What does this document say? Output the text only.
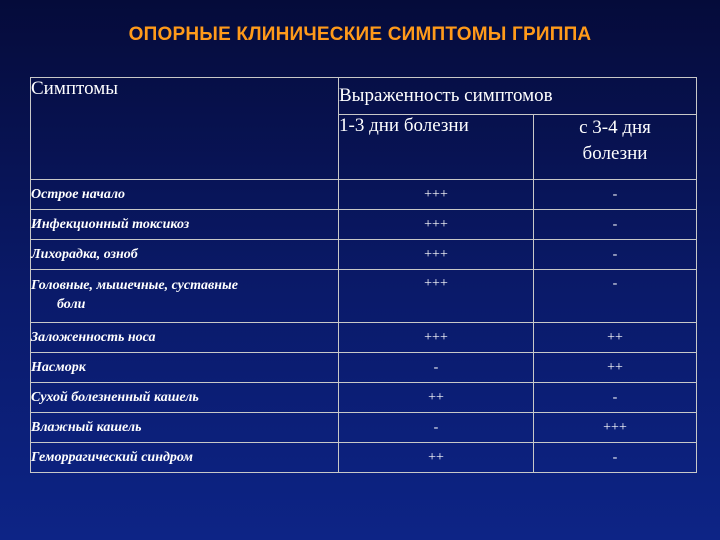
ОПОРНЫЕ КЛИНИЧЕСКИЕ СИМПТОМЫ ГРИППА
Симптомы	Выраженность симптомов	
	1-3 дни болезни	с 3-4 дня
болезни
Острое начало	+++	-
Инфекционный токсикоз	+++	-
Лихорадка, озноб	+++	-
Головные, мышечные, суставные
боли	+++	-
Заложенность носа	+++	++
Насморк	-	++
Сухой болезненный кашель	++	-
Влажный кашель	-	+++
Геморрагический синдром	++	-
